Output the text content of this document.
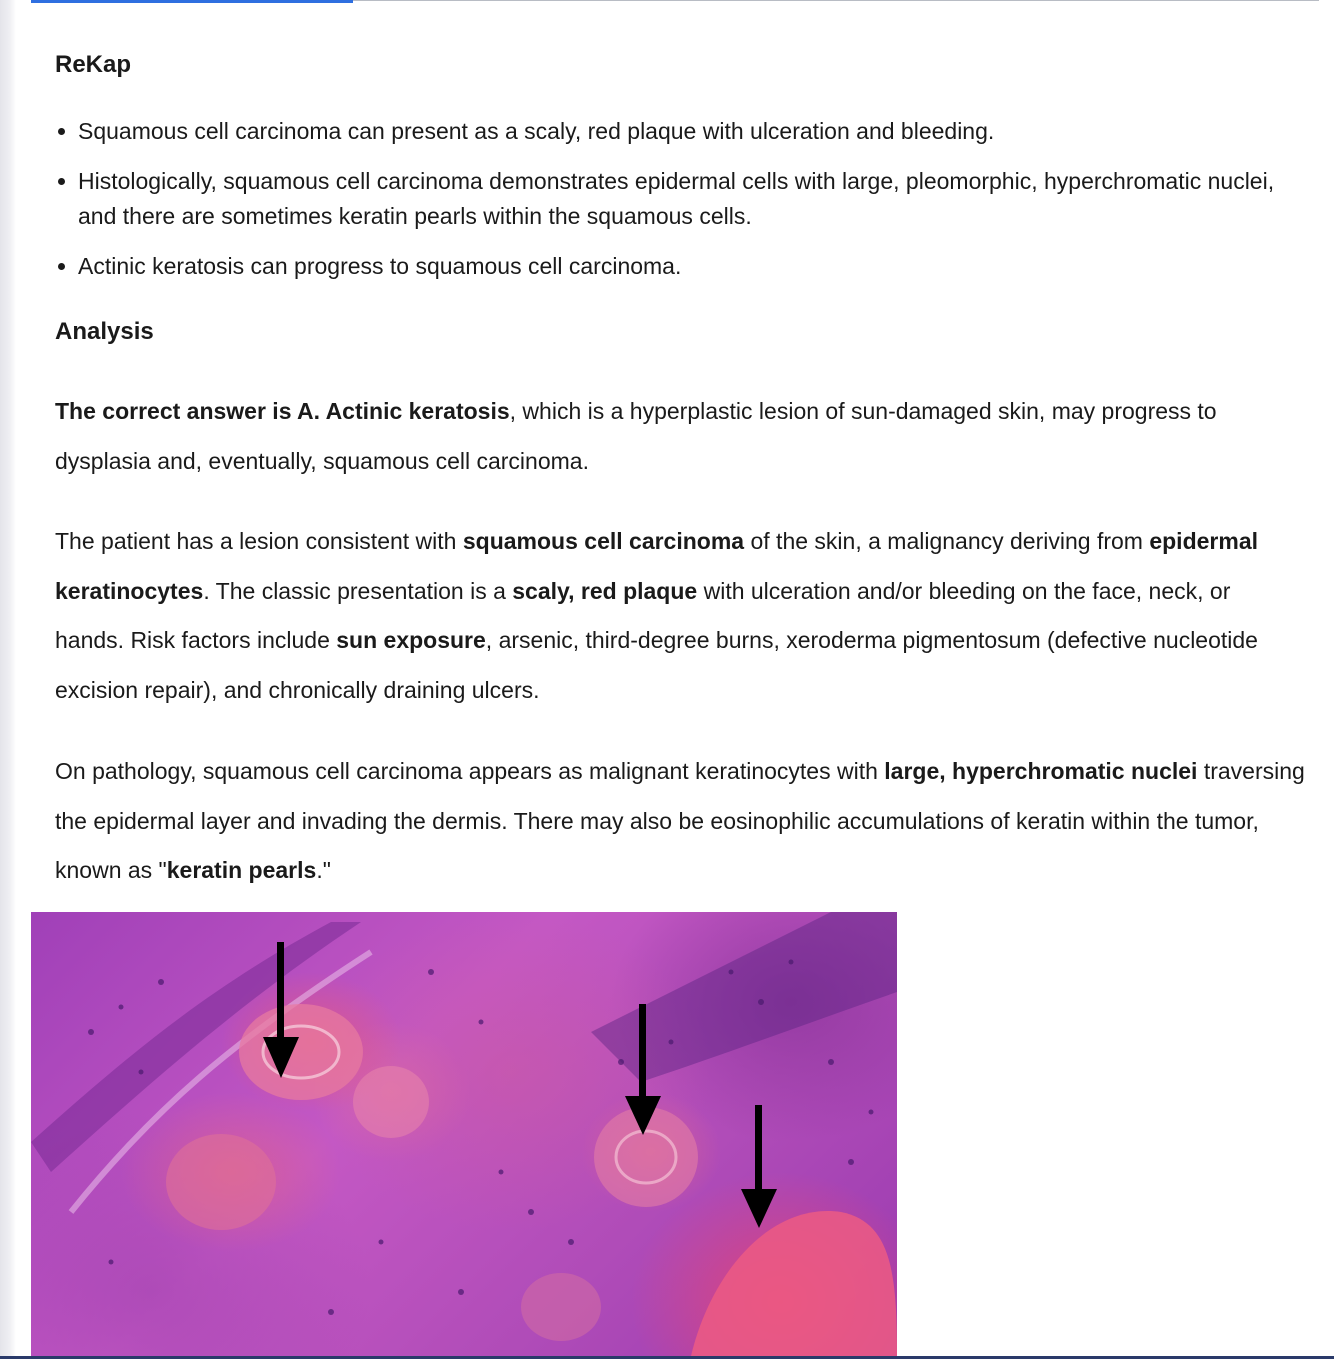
ReKap
Squamous cell carcinoma can present as a scaly, red plaque with ulceration and bleeding.
Histologically, squamous cell carcinoma demonstrates epidermal cells with large, pleomorphic, hyperchromatic nuclei, and there are sometimes keratin pearls within the squamous cells.
Actinic keratosis can progress to squamous cell carcinoma.
Analysis

The correct answer is A. Actinic keratosis, which is a hyperplastic lesion of sun-damaged skin, may progress to dysplasia and, eventually, squamous cell carcinoma.

The patient has a lesion consistent with squamous cell carcinoma of the skin, a malignancy deriving from epidermal keratinocytes. The classic presentation is a scaly, red plaque with ulceration and/or bleeding on the face, neck, or hands. Risk factors include sun exposure, arsenic, third-degree burns, xeroderma pigmentosum (defective nucleotide excision repair), and chronically draining ulcers.

On pathology, squamous cell carcinoma appears as malignant keratinocytes with large, hyperchromatic nuclei traversing the epidermal layer and invading the dermis. There may also be eosinophilic accumulations of keratin within the tumor, known as "keratin pearls."
